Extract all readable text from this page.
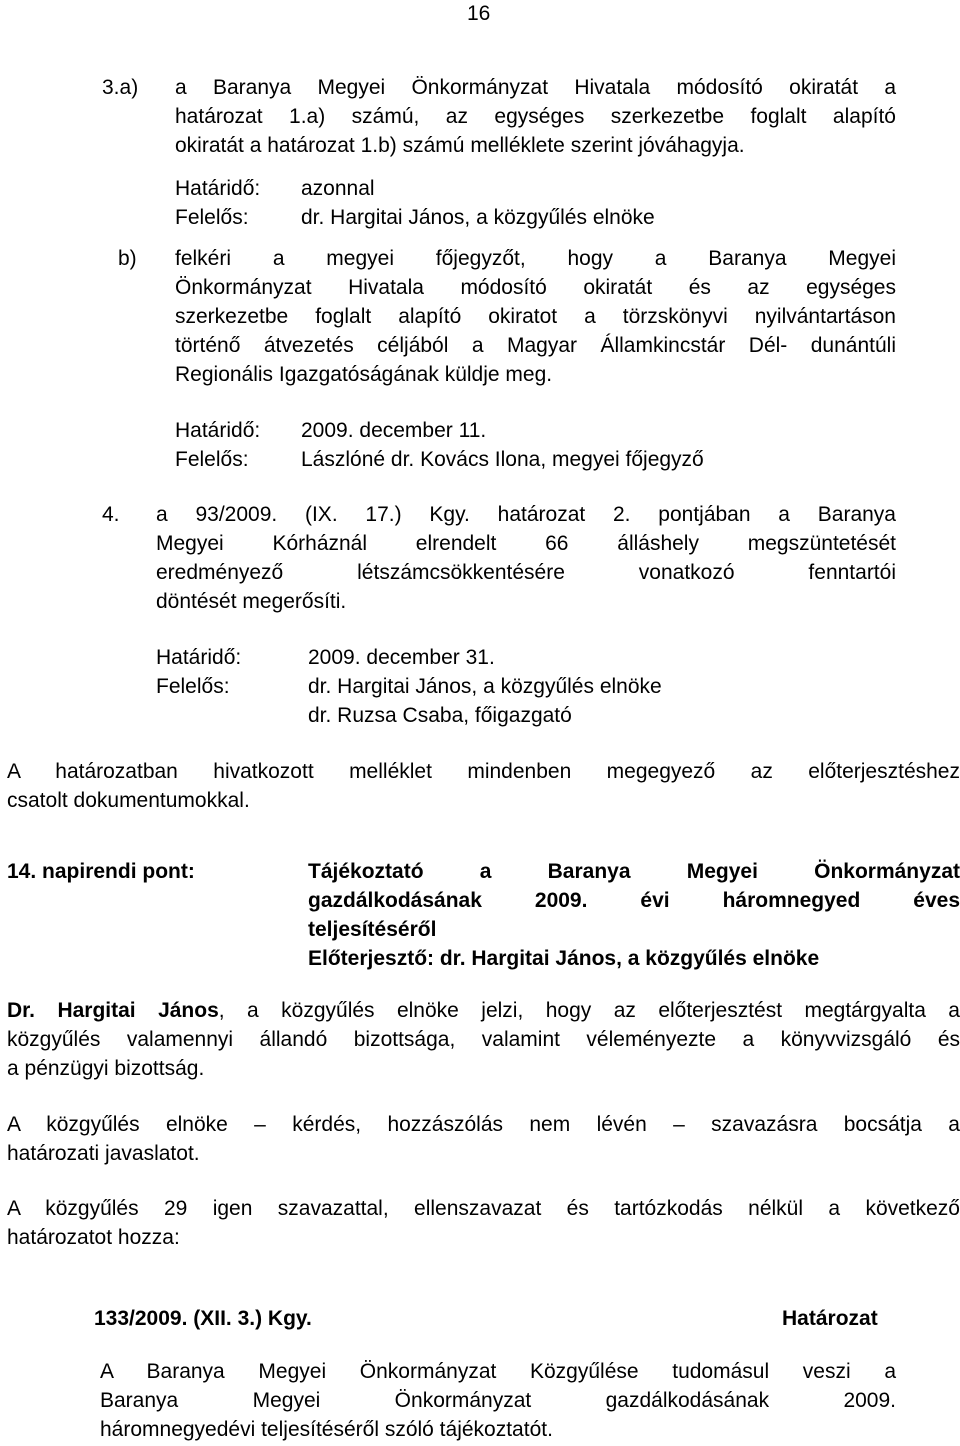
16
3.a) a Baranya Megyei Önkormányzat Hivatala módosító okiratát a
határozat 1.a) számú, az egységes szerkezetbe foglalt alapító
okiratát a határozat 1.b) számú melléklete szerint jóváhagyja.
Határidő: azonnal
Felelős: dr. Hargitai János, a közgyűlés elnöke
b) felkéri a megyei főjegyzőt, hogy a Baranya Megyei
Önkormányzat Hivatala módosító okiratát és az egységes
szerkezetbe foglalt alapító okiratot a törzskönyvi nyilvántartáson
történő átvezetés céljából a Magyar Államkincstár Dél- dunántúli
Regionális Igazgatóságának küldje meg.
Határidő: 2009. december 11.
Felelős: Lászlóné dr. Kovács Ilona, megyei főjegyző
4. a 93/2009. (IX. 17.) Kgy. határozat 2. pontjában a Baranya
Megyei Kórháznál elrendelt 66 álláshely megszüntetését
eredményező létszámcsökkentésére vonatkozó fenntartói
döntését megerősíti.
Határidő:	2009. december 31.
Felelős:	dr. Hargitai János, a közgyűlés elnöke
dr. Ruzsa Csaba, főigazgató
A határozatban hivatkozott melléklet mindenben megegyező az előterjesztéshez
csatolt dokumentumokkal.
14. napirendi pont:	Tájékoztató a Baranya Megyei Önkormányzat
gazdálkodásának 2009. évi háromnegyed éves
teljesítéséről
Előterjesztő: dr. Hargitai János, a közgyűlés elnöke
Dr. Hargitai János, a közgyűlés elnöke jelzi, hogy az előterjesztést megtárgyalta a
közgyűlés valamennyi állandó bizottsága, valamint véleményezte a könyvvizsgáló és
a pénzügyi bizottság.
A közgyűlés elnöke – kérdés, hozzászólás nem lévén – szavazásra bocsátja a
határozati javaslatot.
A közgyűlés 29 igen szavazattal, ellenszavazat és tartózkodás nélkül a következő
határozatot hozza:
133/2009. (XII. 3.) Kgy.	Határozat
A Baranya Megyei Önkormányzat Közgyűlése tudomásul veszi a
Baranya Megyei Önkormányzat gazdálkodásának 2009.
háromnegyedévi teljesítéséről szóló tájékoztatót.
